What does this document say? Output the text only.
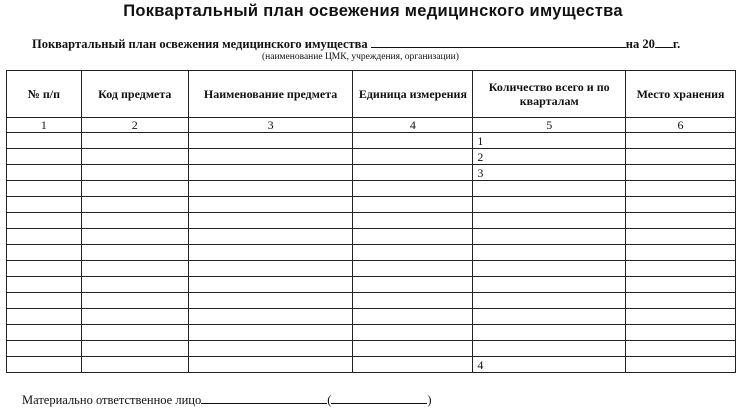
Поквартальный план освежения медицинского имущества
Поквартальный план освежения медицинского имущества	на 20 г.
(наименование ЦМК, учреждения, организации)
№ п/п	Код предмета	Наименование предмета	Единица измерения	Количество всего и по кварталам	Место хранения
1	2	3	4	5	6
				1	
				2	
				3	

				4	
Материально ответственное лицо	(	)
